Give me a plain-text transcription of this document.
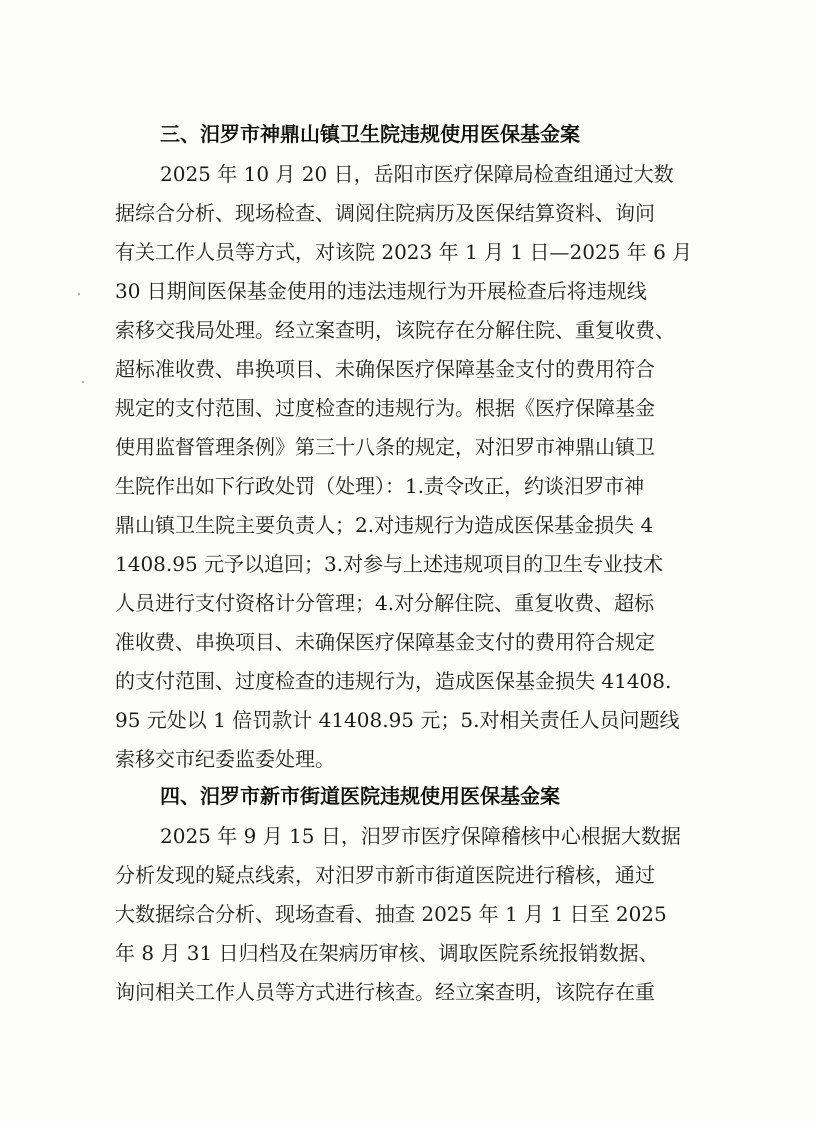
三、汨罗市神鼎山镇卫生院违规使用医保基金案
2025 年 10 月 20 日，岳阳市医疗保障局检查组通过大数
据综合分析、现场检查、调阅住院病历及医保结算资料、询问
有关工作人员等方式，对该院 2023 年 1 月 1 日—2025 年 6 月
30 日期间医保基金使用的违法违规行为开展检查后将违规线
索移交我局处理。经立案查明，该院存在分解住院、重复收费、
超标准收费、串换项目、未确保医疗保障基金支付的费用符合
规定的支付范围、过度检查的违规行为。根据《医疗保障基金
使用监督管理条例》第三十八条的规定，对汨罗市神鼎山镇卫
生院作出如下行政处罚（处理）：1.责令改正，约谈汨罗市神
鼎山镇卫生院主要负责人；2.对违规行为造成医保基金损失 4
1408.95 元予以追回；3.对参与上述违规项目的卫生专业技术
人员进行支付资格计分管理；4.对分解住院、重复收费、超标
准收费、串换项目、未确保医疗保障基金支付的费用符合规定
的支付范围、过度检查的违规行为，造成医保基金损失 41408.
95 元处以 1 倍罚款计 41408.95 元；5.对相关责任人员问题线
索移交市纪委监委处理。
四、汨罗市新市街道医院违规使用医保基金案
2025 年 9 月 15 日，汨罗市医疗保障稽核中心根据大数据
分析发现的疑点线索，对汨罗市新市街道医院进行稽核，通过
大数据综合分析、现场查看、抽查 2025 年 1 月 1 日至 2025
年 8 月 31 日归档及在架病历审核、调取医院系统报销数据、
询问相关工作人员等方式进行核查。经立案查明，该院存在重
